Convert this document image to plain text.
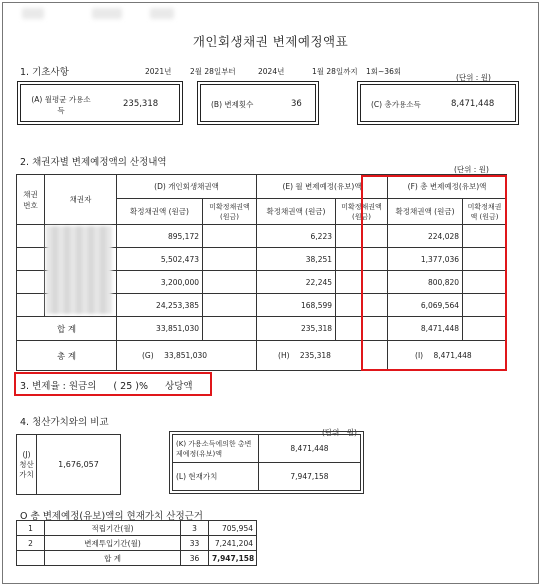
개인회생채권 변제예정액표
1. 기초사항	2021년 2월 28일부터	2024년	1월 28일까지 1회~36회
(단위 : 원)
(A) 월평균 가용소득
235,318	(B) 변제횟수	36	(C) 총가용소득	8,471,448
2. 채권자별 변제예정액의 산정내역
(단위 : 원)
채권 번호	채권자	(D) 개인회생채권액		(E) 월 변제예정(유보)액		(F) 총 변제예정(유보)액	
		확정채권액 (원금)	미확정채권액 (원금)	확정채권액 (원금)	미확정채권액 (원금)	확정채권액 (원금)	미확정채권액 (원금)
		895,172		6,223		224,028	
		5,502,473		38,251		1,377,036	
		3,200,000		22,245		800,820	
		24,253,385		168,599		6,069,564	
합 계		33,851,030		235,318		8,471,448	
총 계		(G) 33,851,030		(H) 235,318		(I) 8,471,448	
3. 변제율 : 원금의 ( 25 )% 상당액
4. 청산가치와의 비교
(단위 : 원)
(J) 청산 가치	1,676,057
(K) 가용소득에의한 총변제예정(유보)액	8,471,448
(L) 현재가치	7,947,158
O 총 변제예정(유보)액의 현재가치 산정근거
1	적립기간(월)	3	705,954
2	변제투입기간(월)	33	7,241,204
	합 계	36	7,947,158
